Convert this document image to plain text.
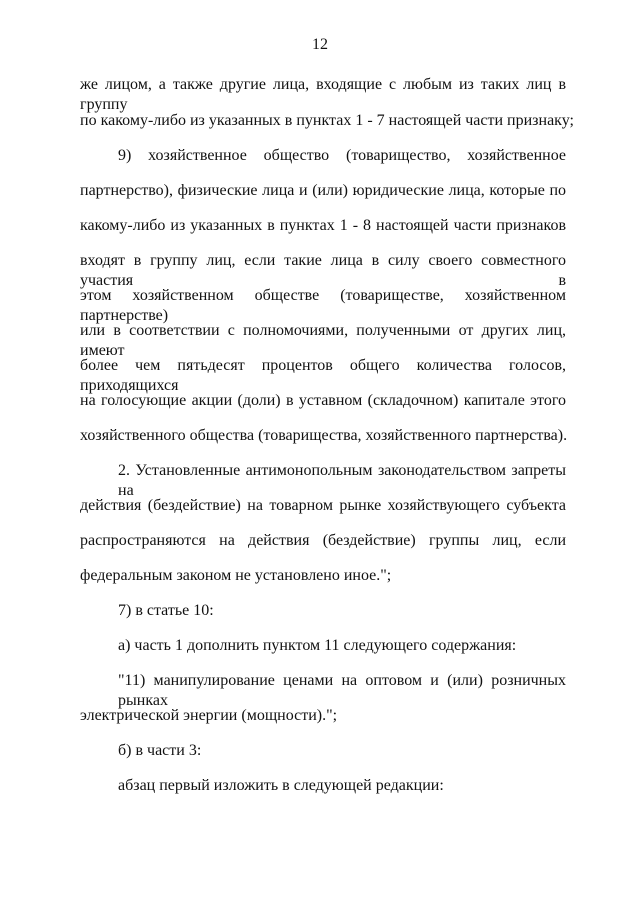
12
же лицом, а также другие лица, входящие с любым из таких лиц в группу
по какому-либо из указанных в пунктах 1 - 7 настоящей части признаку;
9) хозяйственное общество (товарищество, хозяйственное
партнерство), физические лица и (или) юридические лица, которые по
какому-либо из указанных в пунктах 1 - 8 настоящей части признаков
входят в группу лиц, если такие лица в силу своего совместного участия в
этом хозяйственном обществе (товариществе, хозяйственном партнерстве)
или в соответствии с полномочиями, полученными от других лиц, имеют
более чем пятьдесят процентов общего количества голосов, приходящихся
на голосующие акции (доли) в уставном (складочном) капитале этого
хозяйственного общества (товарищества, хозяйственного партнерства).
2. Установленные антимонопольным законодательством запреты на
действия (бездействие) на товарном рынке хозяйствующего субъекта
распространяются на действия (бездействие) группы лиц, если
федеральным законом не установлено иное.";
7) в статье 10:
а) часть 1 дополнить пунктом 11 следующего содержания:
"11) манипулирование ценами на оптовом и (или) розничных рынках
электрической энергии (мощности).";
б) в части 3:
абзац первый изложить в следующей редакции:
